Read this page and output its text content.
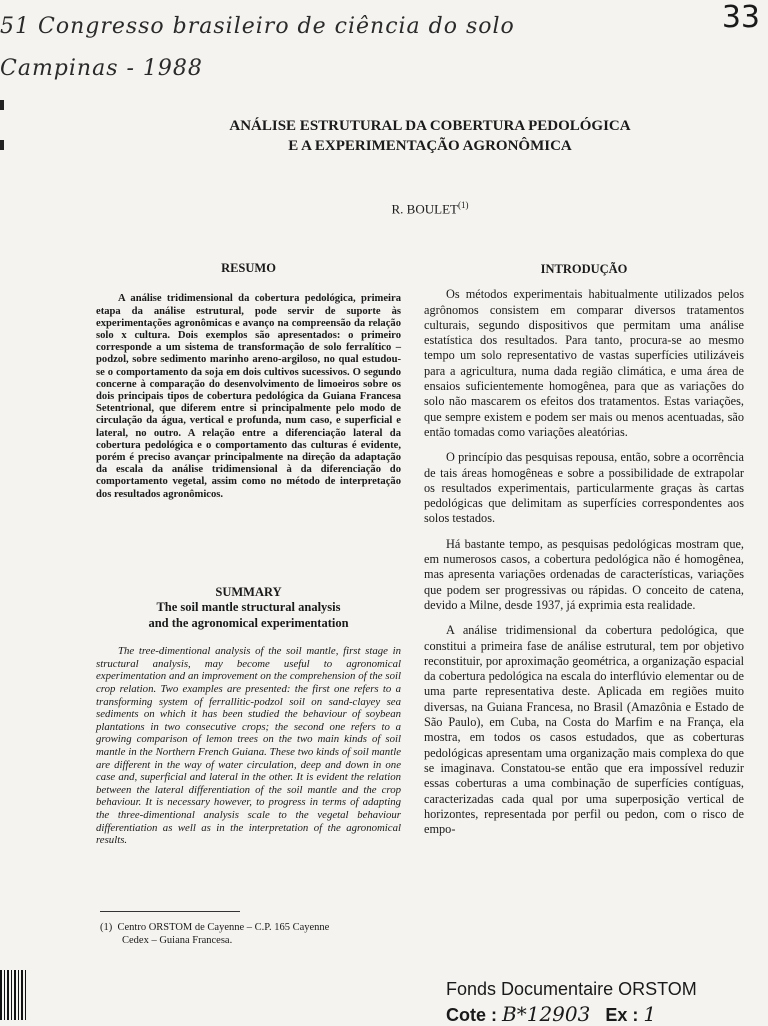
51 Congresso brasileiro de ciência do solo
Campinas - 1988
33
ANÁLISE ESTRUTURAL DA COBERTURA PEDOLÓGICA
E A EXPERIMENTAÇÃO AGRONÔMICA
R. BOULET$^{(1)}$
RESUMO

A análise tridimensional da cobertura pedológica, primeira etapa da análise estrutural, pode servir de suporte às experimentações agronômicas e avanço na compreensão da relação solo x cultura. Dois exemplos são apresentados: o primeiro corresponde a um sistema de transformação de solo ferralítico – podzol, sobre sedimento marinho areno-argiloso, no qual estudou-se o comportamento da soja em dois cultivos sucessivos. O segundo concerne à comparação do desenvolvimento de limoeiros sobre os dois principais tipos de cobertura pedológica da Guiana Francesa Setentrional, que diferem entre si principalmente pelo modo de circulação da água, vertical e profunda, num caso, e superficial e lateral, no outro. A relação entre a diferenciação lateral da cobertura pedológica e o comportamento das culturas é evidente, porém é preciso avançar principalmente na direção da adaptação da escala da análise tridimensional à da diferenciação do comportamento vegetal, assim como no método de interpretação dos resultados agronômicos.

SUMMARY
The soil mantle structural analysis
and the agronomical experimentation

The tree-dimentional analysis of the soil mantle, first stage in structural analysis, may become useful to agronomical experimentation and an improvement on the comprehension of the soil crop relation. Two examples are presented: the first one refers to a transforming system of ferrallitic-podzol soil on sand-clayey sea sediments on which it has been studied the behaviour of soybean plantations in two consecutive crops; the second one refers to a growing comparison of lemon trees on the two main kinds of soil mantle in the Northern French Guiana. These two kinds of soil mantle are different in the way of water circulation, deep and down in one case and, superficial and lateral in the other. It is evident the relation between the lateral differentiation of the soil mantle and the crop behaviour. It is necessary however, to progress in terms of adapting the three-dimentional analysis scale to the vegetal behaviour differentiation as well as in the interpretation of the agronomical results.

(1) Centro ORSTOM de Cayenne – C.P. 165 Cayenne
Cedex – Guiana Francesa.
INTRODUÇÃO

Os métodos experimentais habitualmente utilizados pelos agrônomos consistem em comparar diversos tratamentos culturais, segundo dispositivos que permitam uma análise estatística dos resultados. Para tanto, procura-se ao mesmo tempo um solo representativo de vastas superfícies utilizáveis para a agricultura, numa dada região climática, e uma área de ensaios suficientemente homogênea, para que as variações do solo não mascarem os efeitos dos tratamentos. Estas variações, que sempre existem e podem ser mais ou menos acentuadas, são então tomadas como variações aleatórias.

O princípio das pesquisas repousa, então, sobre a ocorrência de tais áreas homogêneas e sobre a possibilidade de extrapolar os resultados experimentais, particularmente graças às cartas pedológicas que delimitam as superfícies correspondentes aos solos testados.

Há bastante tempo, as pesquisas pedológicas mostram que, em numerosos casos, a cobertura pedológica não é homogênea, mas apresenta variações ordenadas de características, variações que podem ser progressivas ou rápidas. O conceito de catena, devido a Milne, desde 1937, já exprimia esta realidade.

A análise tridimensional da cobertura pedológica, que constitui a primeira fase de análise estrutural, tem por objetivo reconstituir, por aproximação geométrica, a organização espacial da cobertura pedológica na escala do interflúvio elementar ou de uma parte representativa deste. Aplicada em regiões muito diversas, na Guiana Francesa, no Brasil (Amazônia e Estado de São Paulo), em Cuba, na Costa do Marfim e na França, ela mostra, em todos os casos estudados, que as coberturas pedológicas apresentam uma organização mais complexa do que se imaginava. Constatou-se então que era impossível reduzir essas coberturas a uma combinação de superfícies contíguas, caracterizadas cada qual por uma superposição vertical de horizontes, representada por perfil ou pedon, com o risco de empo-

Fonds Documentaire ORSTOM
Cote : B*12903 Ex : 1
